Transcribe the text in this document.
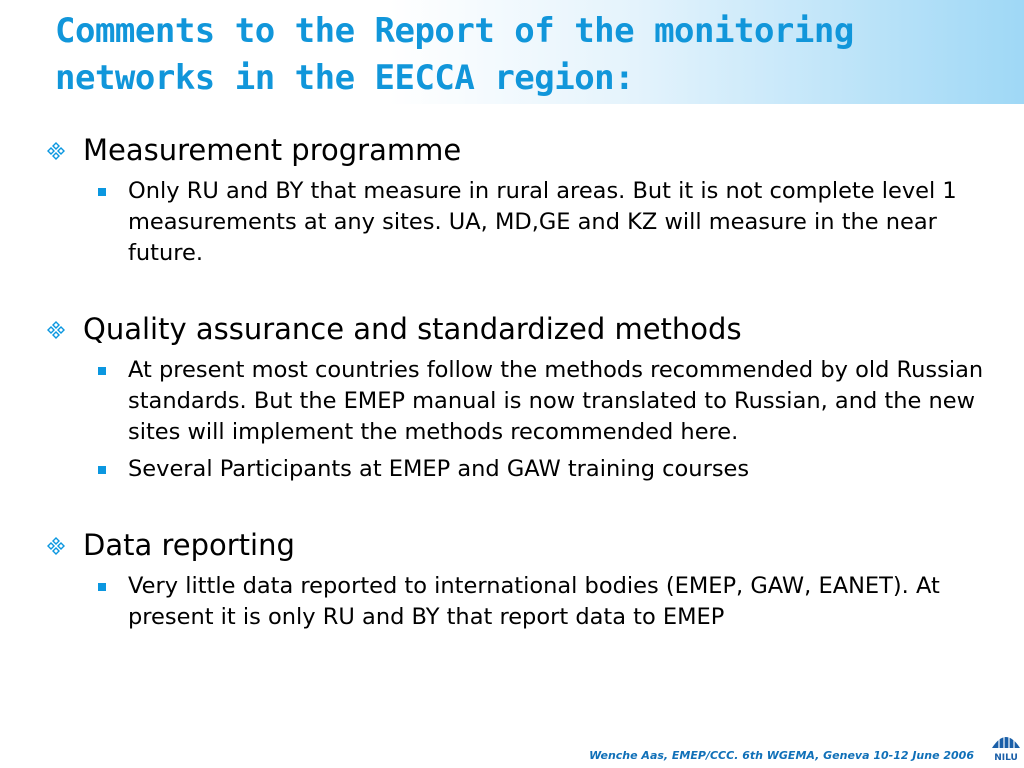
Comments to the Report of the monitoring networks in the EECCA region:
Measurement programme
Only RU and BY that measure in rural areas. But it is not complete level 1 measurements at any sites. UA, MD,GE and KZ will measure in the near future.
Quality assurance and standardized methods
At present most countries follow the methods recommended by old Russian standards. But the EMEP manual is now translated to Russian, and the new sites will implement the methods recommended here.
Several Participants at EMEP and GAW training courses
Data reporting
Very little data reported to international bodies (EMEP, GAW, EANET). At present it is only RU and BY that report data to EMEP
Wenche Aas, EMEP/CCC. 6th WGEMA, Geneva 10-12 June 2006 NILU
